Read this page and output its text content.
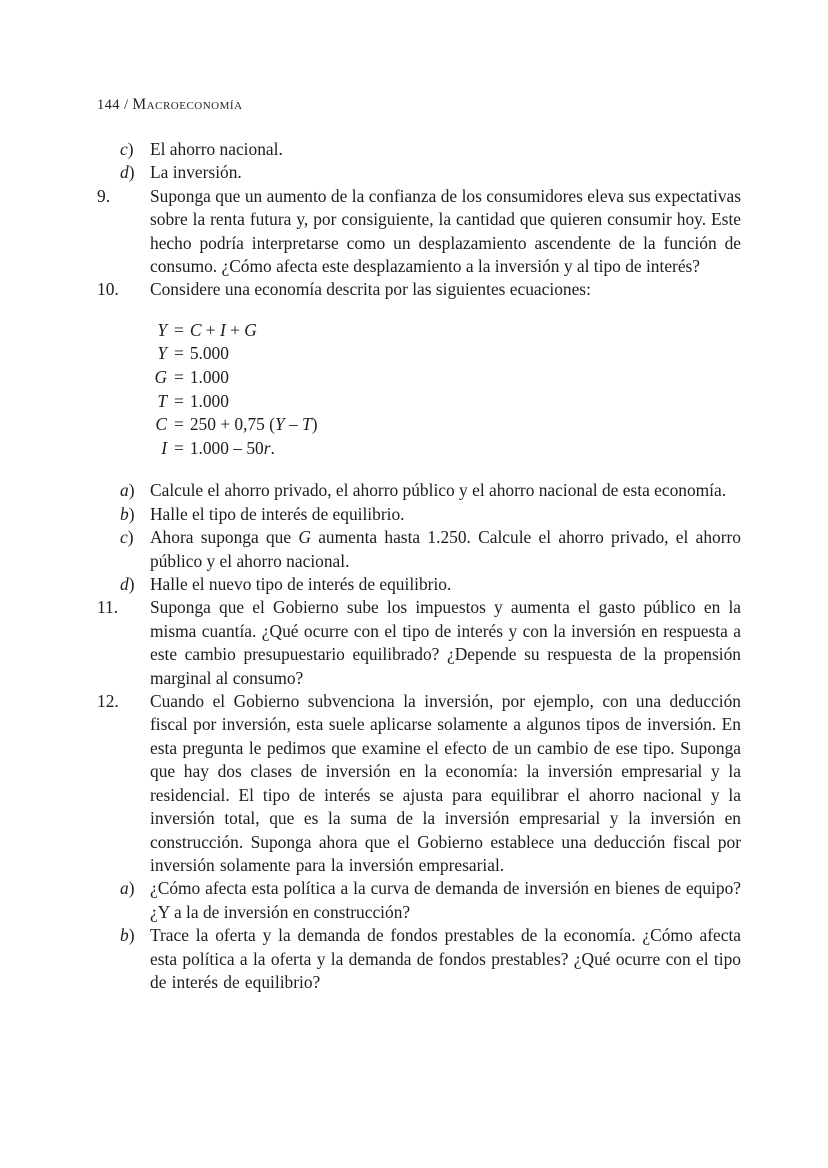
144 / Macroeconomía

c) El ahorro nacional.

d) La inversión.

9.	Suponga que un aumento de la confianza de los consumidores eleva sus expectativas sobre la renta futura y, por consiguiente, la cantidad que quieren consumir hoy. Este hecho podría interpretarse como un desplazamiento ascendente de la función de consumo. ¿Cómo afecta este desplazamiento a la inversión y al tipo de interés?

10.	Considere una economía descrita por las siguientes ecuaciones:

Y = C + I + G
Y = 5.000
G = 1.000
T = 1.000
C = 250 + 0,75 (Y – T)
I = 1.000 – 50r.

a) Calcule el ahorro privado, el ahorro público y el ahorro nacional de esta economía.

b) Halle el tipo de interés de equilibrio.

c) Ahora suponga que G aumenta hasta 1.250. Calcule el ahorro privado, el ahorro público y el ahorro nacional.

d) Halle el nuevo tipo de interés de equilibrio.

11.	Suponga que el Gobierno sube los impuestos y aumenta el gasto público en la misma cuantía. ¿Qué ocurre con el tipo de interés y con la inversión en respuesta a este cambio presupuestario equilibrado? ¿Depende su respuesta de la propensión marginal al consumo?

12.	Cuando el Gobierno subvenciona la inversión, por ejemplo, con una deducción fiscal por inversión, esta suele aplicarse solamente a algunos tipos de inversión. En esta pregunta le pedimos que examine el efecto de un cambio de ese tipo. Suponga que hay dos clases de inversión en la economía: la inversión empresarial y la residencial. El tipo de interés se ajusta para equilibrar el ahorro nacional y la inversión total, que es la suma de la inversión empresarial y la inversión en construcción. Suponga ahora que el Gobierno establece una deducción fiscal por inversión solamente para la inversión empresarial.

a) ¿Cómo afecta esta política a la curva de demanda de inversión en bienes de equipo? ¿Y a la de inversión en construcción?

b) Trace la oferta y la demanda de fondos prestables de la economía. ¿Cómo afecta esta política a la oferta y la demanda de fondos prestables? ¿Qué ocurre con el tipo de interés de equilibrio?
